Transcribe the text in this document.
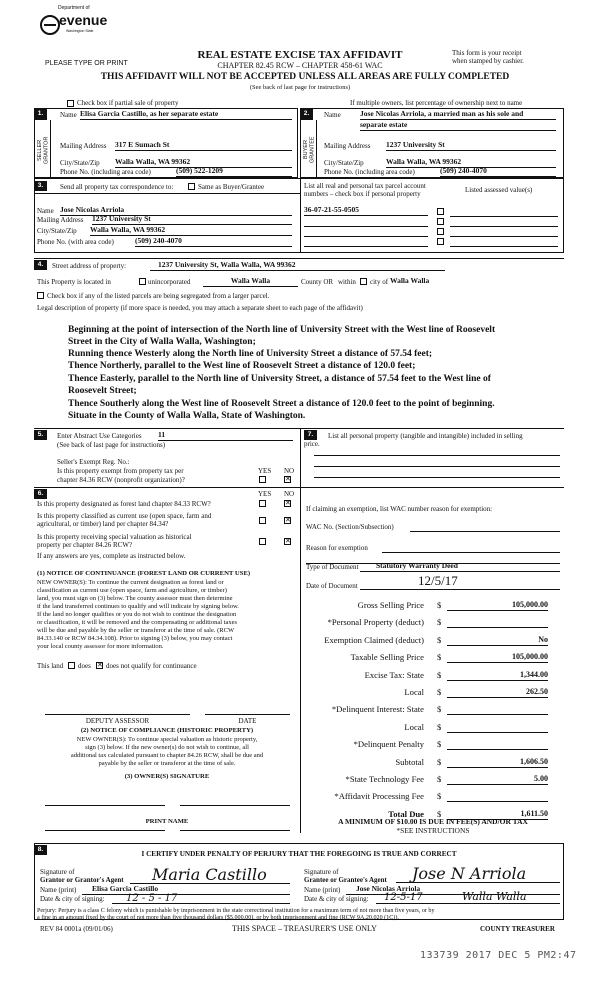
Department of
evenue
Washington State
PLEASE TYPE OR PRINT
REAL ESTATE EXCISE TAX AFFIDAVIT
CHAPTER 82.45 RCW – CHAPTER 458-61 WAC
This form is your receipt
when stamped by cashier.
THIS AFFIDAVIT WILL NOT BE ACCEPTED UNLESS ALL AREAS ARE FULLY COMPLETED
(See back of last page for instructions)
Check box if partial sale of property	If multiple owners, list percentage of ownership next to name
1.
SELLER GRANTOR
Name Elisa Garcia Castillo, as her separate estate
Mailing Address 317 E Sumach St
City/State/Zip Walla Walla, WA 99362
Phone No. (including area code)	(509) 522-1209
2.
BUYER GRANTEE
Name	Jose Nicolas Arriola, a married man as his sole and
separate estate
Mailing Address 1237 University St
City/State/Zip	Walla Walla, WA 99362
Phone No. (including area code)	(509) 240-4070
3.	Send all property tax correspondence to:	Same as Buyer/Grantee
Name Jose Nicolas Arriola
Mailing Address 1237 University St
City/State/Zip Walla Walla, WA 99362
Phone No. (with area code)	(509) 240-4070
List all real and personal tax parcel account
numbers – check box if personal property	Listed assessed value(s)
36-07-21-55-0505
4.	Street address of property:	1237 University St, Walla Walla, WA 99362
This Property is located in	unincorporated	Walla Walla	County OR within city of Walla Walla
Check box if any of the listed parcels are being segregated from a larger parcel.
Legal description of property (if more space is needed, you may attach a separate sheet to each page of the affidavit)
Beginning at the point of intersection of the North line of University Street with the West line of Roosevelt
Street in the City of Walla Walla, Washington;
Running thence Westerly along the North line of University Street a distance of 57.54 feet;
Thence Northerly, parallel to the West line of Roosevelt Street a distance of 120.0 feet;
Thence Easterly, parallel to the North line of University Street, a distance of 57.54 feet to the West line of
Roosevelt Street;
Thence Southerly along the West line of Roosevelt Street a distance of 120.0 feet to the point of beginning.
Situate in the County of Walla Walla, State of Washington.
5.	Enter Abstract Use Categories 11
(See back of last page for instructions)
Seller's Exempt Reg. No.:
YES NO
Is this property exempt from property tax per
chapter 84.36 RCW (nonprofit organization)?
✕
6.	YES NO
Is this property designated as forest land chapter 84.33 RCW?
✕
Is this property classified as current use (open space, farm and
agricultural, or timber) land per chapter 84.34?
✕
Is this property receiving special valuation as historical
property per chapter 84.26 RCW?
✕
If any answers are yes, complete as instructed below.
(1) NOTICE OF CONTINUANCE (FOREST LAND OR CURRENT USE)
NEW OWNER(S): To continue the current designation as forest land or
classification as current use (open space, farm and agriculture, or timber)
land, you must sign on (3) below. The county assessor must then determine
if the land transferred continues to qualify and will indicate by signing below.
If the land no longer qualifies or you do not wish to continue the designation
or classification, it will be removed and the compensating or additional taxes
will be due and payable by the seller or transferor at the time of sale. (RCW
84.33.140 or RCW 84.34.108). Prior to signing (3) below, you may contact
your local county assessor for more information.
This land does
✕ does not qualify for continuance
DEPUTY ASSESSOR	DATE
(2) NOTICE OF COMPLIANCE (HISTORIC PROPERTY)
NEW OWNER(S): To continue special valuation as historic property,
sign (3) below. If the new owner(s) do not wish to continue, all
additional tax calculated pursuant to chapter 84.26 RCW, shall be due and
payable by the seller or transferor at the time of sale.
(3) OWNER(S) SIGNATURE
PRINT NAME
7.	List all personal property (tangible and intangible) included in selling
price.
If claiming an exemption, list WAC number reason for exemption:
WAC No. (Section/Subsection)
Reason for exemption
Type of Document	Statutory Warranty Deed
Date of Document	12/5/17
Gross Selling Price $	105,000.00
*Personal Property (deduct) $
Exemption Claimed (deduct) $	No
Taxable Selling Price $	105,000.00
Excise Tax: State $	1,344.00
Local $	262.50
*Delinquent Interest: State $
Local $
*Delinquent Penalty $
Subtotal $	1,606.50
*State Technology Fee $	5.00
*Affidavit Processing Fee $
Total Due $	1,611.50
A MINIMUM OF $10.00 IS DUE IN FEE(S) AND/OR TAX
*SEE INSTRUCTIONS
8.
I CERTIFY UNDER PENALTY OF PERJURY THAT THE FOREGOING IS TRUE AND CORRECT
Signature of
Grantor or Grantor's Agent	Maria Castillo
Name (print)	Elisa Garcia Castillo
Date & city of signing:	12 - 5 - 17
Signature of
Grantee or Grantee's Agent	Jose N Arriola
Name (print)	Jose Nicolas Arriola
Date & city of signing: 12-5-17	Walla Walla
Perjury: Perjury is a class C felony which is punishable by imprisonment in the state correctional institution for a maximum term of not more than five years, or by
a fine in an amount fixed by the court of not more than five thousand dollars ($5,000.00), or by both imprisonment and fine (RCW 9A.20.020 (1C)).
REV 84 0001a (09/01/06)	THIS SPACE – TREASURER'S USE ONLY	COUNTY TREASURER
133739 2017 DEC 5 PM2:47
